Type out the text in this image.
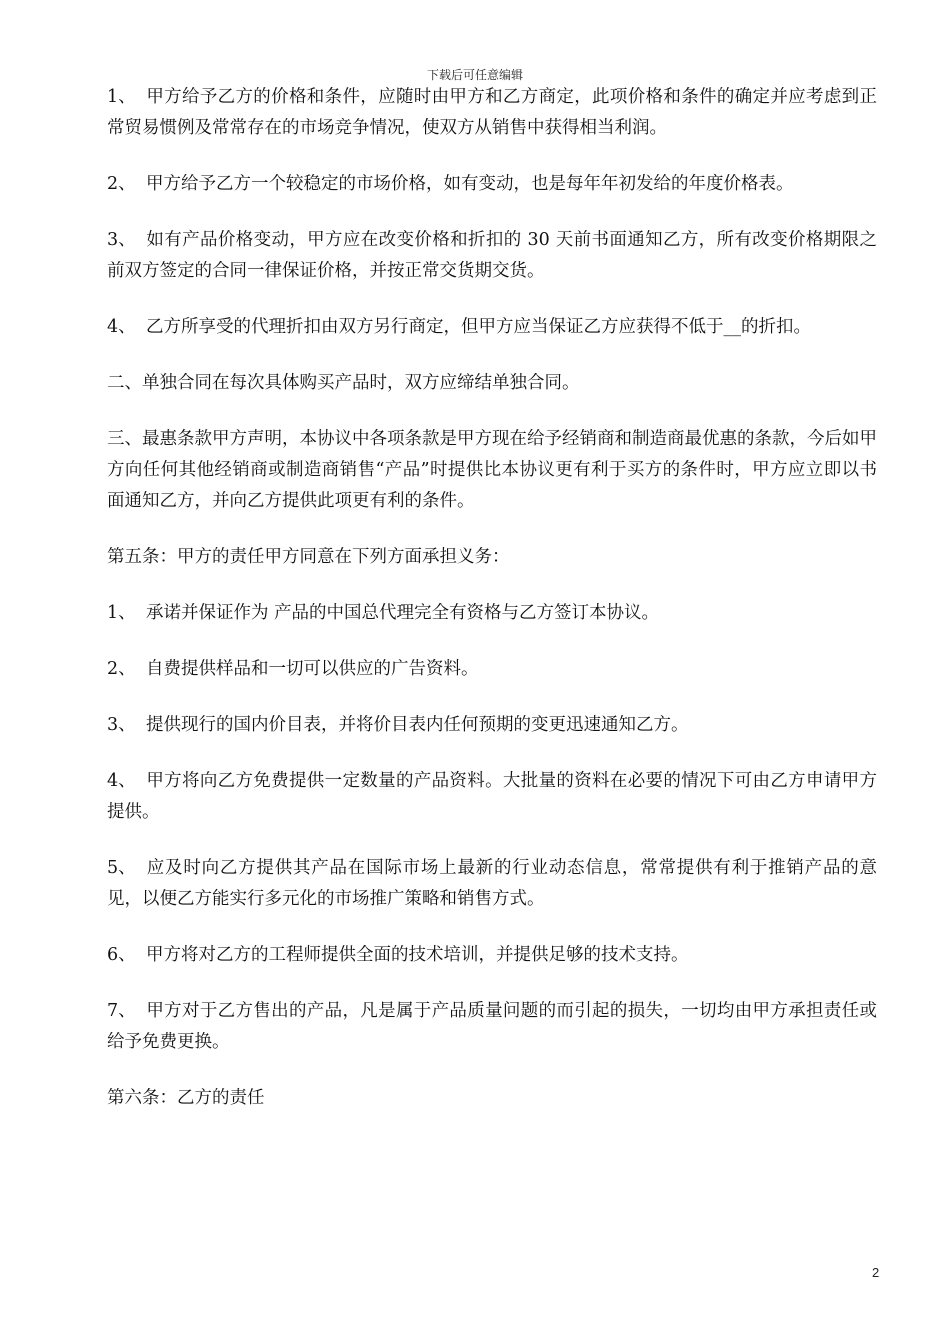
下载后可任意编辑

1、 甲方给予乙方的价格和条件，应随时由甲方和乙方商定，此项价格和条件的确定并应考虑到正常贸易惯例及常常存在的市场竞争情况，使双方从销售中获得相当利润。

2、 甲方给予乙方一个较稳定的市场价格，如有变动，也是每年年初发给的年度价格表。

3、 如有产品价格变动，甲方应在改变价格和折扣的 30 天前书面通知乙方，所有改变价格期限之前双方签定的合同一律保证价格，并按正常交货期交货。

4、 乙方所享受的代理折扣由双方另行商定，但甲方应当保证乙方应获得不低于__的折扣。

二、单独合同在每次具体购买产品时，双方应缔结单独合同。

三、最惠条款甲方声明，本协议中各项条款是甲方现在给予经销商和制造商最优惠的条款，今后如甲方向任何其他经销商或制造商销售“产品”时提供比本协议更有利于买方的条件时，甲方应立即以书面通知乙方，并向乙方提供此项更有利的条件。

第五条：甲方的责任甲方同意在下列方面承担义务：

1、 承诺并保证作为 产品的中国总代理完全有资格与乙方签订本协议。

2、 自费提供样品和一切可以供应的广告资料。

3、 提供现行的国内价目表，并将价目表内任何预期的变更迅速通知乙方。

4、 甲方将向乙方免费提供一定数量的产品资料。大批量的资料在必要的情况下可由乙方申请甲方提供。

5、 应及时向乙方提供其产品在国际市场上最新的行业动态信息，常常提供有利于推销产品的意见，以便乙方能实行多元化的市场推广策略和销售方式。

6、 甲方将对乙方的工程师提供全面的技术培训，并提供足够的技术支持。

7、 甲方对于乙方售出的产品，凡是属于产品质量问题的而引起的损失，一切均由甲方承担责任或给予免费更换。

第六条：乙方的责任

2
